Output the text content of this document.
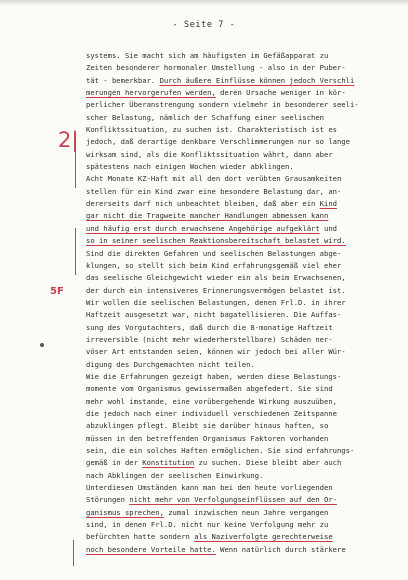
- Seite 7 -
2|
5F
systems. Sie macht sich am häufigsten im Gefäßapparat zu
Zeiten besonderer hormonaler Umstellung - also in der Puber-
tät - bemerkbar. Durch äußere Einflüsse können jedoch Verschli
merungen hervorgerufen werden, deren Ursache weniger in kör-
perlicher Überanstrengung sondern vielmehr in besonderer seeli-
scher Belastung, nämlich der Schaffung einer seelischen
Konfliktssituation, zu suchen ist. Charakteristisch ist es
jedoch, daß derartige denkbare Verschlimmerungen nur so lange
wirksam sind, als die Konfliktssituation währt, dann aber
spätestens nach einigen Wochen wieder abklingen.
Acht Monate KZ-Haft mit all den dort verübten Grausamkeiten
stellen für ein Kind zwar eine besondere Belastung dar, an-
dererseits darf nich unbeachtet bleiben, daß aber ein Kind
gar nicht die Tragweite mancher Handlungen abmessen kann
und häufig erst durch erwachsene Angehörige aufgeklärt und
so in seiner seelischen Reaktionsbereitschaft belastet wird.
Sind die direkten Gefahren und seelischen Belastungen abge-
klungen, so stellt sich beim Kind erfahrungsgemäß viel eher
das seelische Gleichgewicht wieder ein als beim Erwachsenen,
der durch ein intensiveres Erinnerungsvermögen belastet ist.
Wir wollen die seelischen Belastungen, denen Frl.D. in ihrer
Haftzeit ausgesetzt war, nicht bagatellisieren. Die Auffas-
sung des Vorgutachters, daß durch die 8-monatige Haftzeit
irreversible (nicht mehr wiederherstellbare) Schäden ner-
vöser Art entstanden seien, können wir jedoch bei aller Wür-
digung des Durchgemachten nicht teilen.
Wie die Erfahrungen gezeigt haben, werden diese Belastungs-
momente vom Organismus gewissermaßen abgefedert. Sie sind
mehr wohl imstande, eine vorübergehende Wirkung auszuüben,
die jedoch nach einer individuell verschiedenen Zeitspanne
abzuklingen pflegt. Bleibt sie darüber hinaus haften, so
müssen in den betreffenden Organismus Faktoren vorhanden
sein, die ein solches Haften ermöglichen. Sie sind erfahrungs-
gemäß in der Konstitution zu suchen. Diese bleibt aber auch
nach Abklingen der seelischen Einwirkung.
Unterdiesen Umständen kann man bei den heute vorliegenden
Störungen nicht mehr von Verfolgungseinflüssen auf den Or-
ganismus sprechen, zumal inzwischen neun Jahre vergangen
sind, in denen Frl.D. nicht nur keine Verfolgung mehr zu
befürchten hatte sondern als Naziverfolgte gerechterweise
noch besondere Vorteile hatte. Wenn natürlich durch stärkere
